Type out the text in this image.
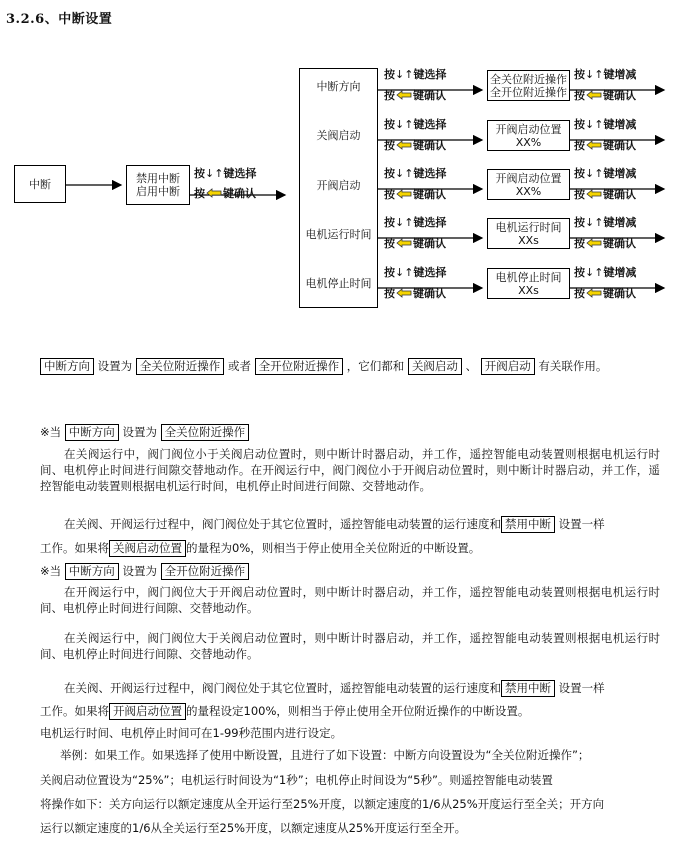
3.2.6、中断设置
中断	禁用中断
启用中断
按↓↑键选择
按 键确认
中断方向
关阀启动
开阀启动
电机运行时间
电机停止时间
按↓↑键选择
按 键确认
全关位附近操作
全开位附近操作
按↓↑键增减
按 键确认
按↓↑键选择
按 键确认
开阀启动位置
XX%
按↓↑键增减
按 键确认
按↓↑键选择
按 键确认
开阀启动位置
XX%
按↓↑键增减
按 键确认
按↓↑键选择
按 键确认
电机运行时间
XXs
按↓↑键增减
按 键确认
按↓↑键选择
按 键确认
电机停止时间
XXs
按↓↑键增减
按 键确认
中断方向 设置为 全关位附近操作 或者 全开位附近操作 ，它们都和 关阀启动 、 开阀启动 有关联作用。
※当 中断方向 设置为 全关位附近操作
在关阀运行中，阀门阀位小于关阀启动位置时，则中断计时器启动，并工作，遥控智能电动装置则根据电机运行时间、电机停止时间进行间隙交替地动作。在开阀运行中，阀门阀位小于开阀启动位置时，则中断计时器启动，并工作，遥控智能电动装置则根据电机运行时间，电机停止时间进行间隙、交替地动作。
在关阀、开阀运行过程中，阀门阀位处于其它位置时，遥控智能电动装置的运行速度和 禁用中断 设置一样
工作。如果将 关阀启动位置 的量程为0%，则相当于停止使用全关位附近的中断设置。
※当 中断方向 设置为 全开位附近操作
在开阀运行中，阀门阀位大于开阀启动位置时，则中断计时器启动，并工作，遥控智能电动装置则根据电机运行时间、电机停止时间进行间隙、交替地动作。
在关阀运行中，阀门阀位大于关阀启动位置时，则中断计时器启动，并工作，遥控智能电动装置则根据电机运行时间、电机停止时间进行间隙、交替地动作。
在关阀、开阀运行过程中，阀门阀位处于其它位置时，遥控智能电动装置的运行速度和 禁用中断 设置一样
工作。如果将 开阀启动位置 的量程设定100%，则相当于停止使用全开位附近操作的中断设置。
电机运行时间、电机停止时间可在1-99秒范围内进行设定。
举例：如果工作。如果选择了使用中断设置，且进行了如下设置：中断方向设置设为“全关位附近操作”；
关阀启动位置设为“25%”；电机运行时间设为“1秒”；电机停止时间设为“5秒”。则遥控智能电动装置
将操作如下：关方向运行以额定速度从全开运行至25%开度，以额定速度的1/6从25%开度运行至全关；开方向
运行以额定速度的1/6从全关运行至25%开度，以额定速度从25%开度运行至全开。
